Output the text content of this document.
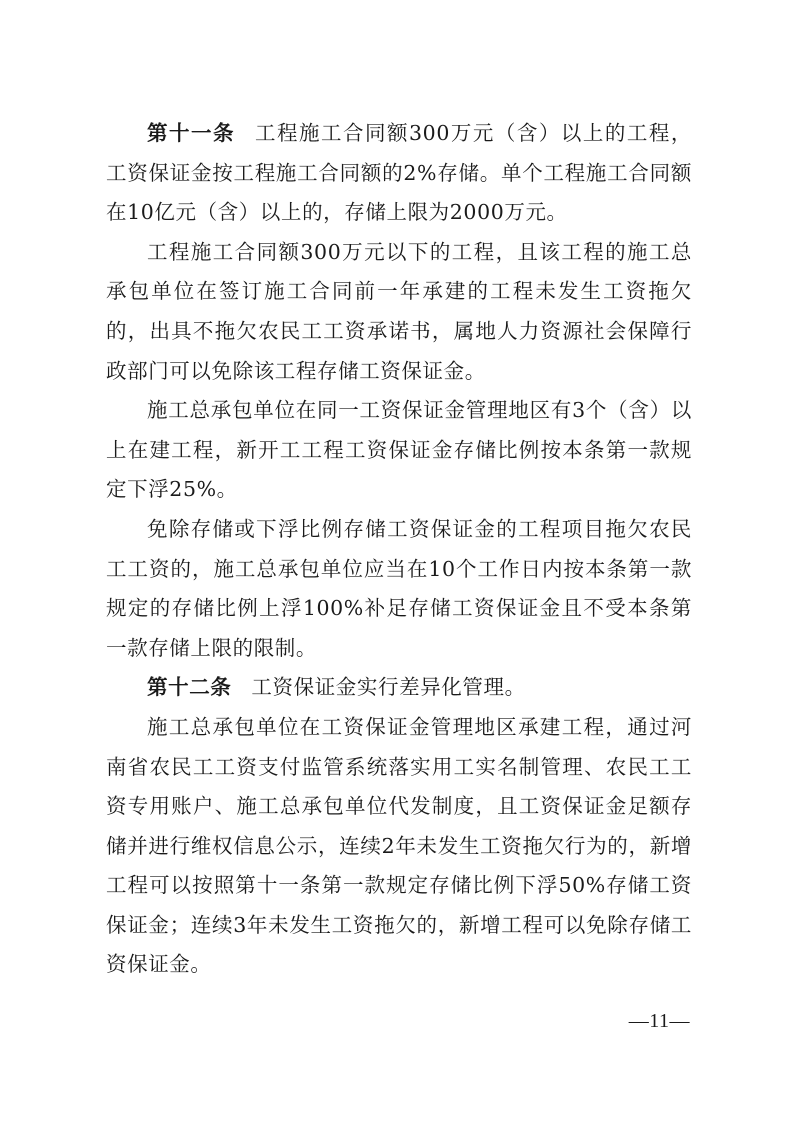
第十一条 工程施工合同额300万元（含）以上的工程，工资保证金按工程施工合同额的2%存储。单个工程施工合同额在10亿元（含）以上的，存储上限为2000万元。

工程施工合同额300万元以下的工程，且该工程的施工总承包单位在签订施工合同前一年承建的工程未发生工资拖欠的，出具不拖欠农民工工资承诺书，属地人力资源社会保障行政部门可以免除该工程存储工资保证金。

施工总承包单位在同一工资保证金管理地区有3个（含）以上在建工程，新开工工程工资保证金存储比例按本条第一款规定下浮25%。

免除存储或下浮比例存储工资保证金的工程项目拖欠农民工工资的，施工总承包单位应当在10个工作日内按本条第一款规定的存储比例上浮100%补足存储工资保证金且不受本条第一款存储上限的限制。

第十二条 工资保证金实行差异化管理。

施工总承包单位在工资保证金管理地区承建工程，通过河南省农民工工资支付监管系统落实用工实名制管理、农民工工资专用账户、施工总承包单位代发制度，且工资保证金足额存储并进行维权信息公示，连续2年未发生工资拖欠行为的，新增工程可以按照第十一条第一款规定存储比例下浮50%存储工资保证金；连续3年未发生工资拖欠的，新增工程可以免除存储工资保证金。

—11—
